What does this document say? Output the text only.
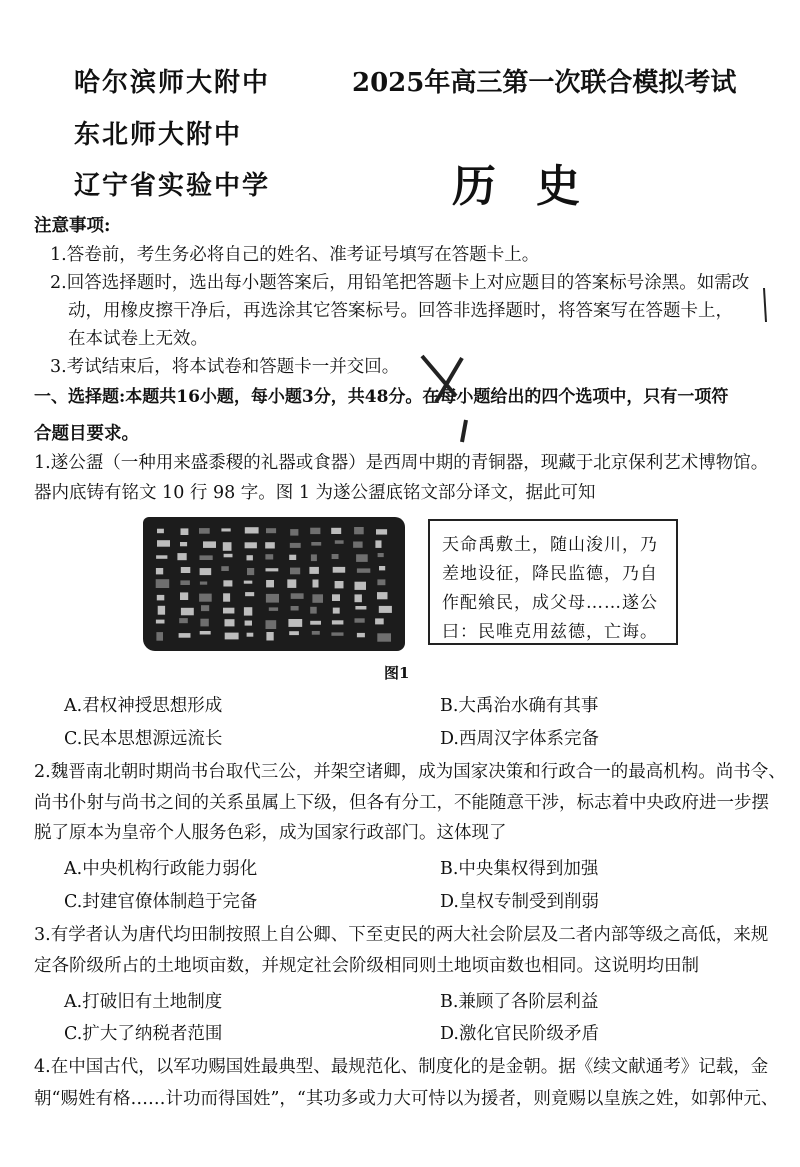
哈尔滨师大附中
东北师大附中
辽宁省实验中学
2025年高三第一次联合模拟考试
历史
注意事项:
1.答卷前，考生务必将自己的姓名、准考证号填写在答题卡上。
2.回答选择题时，选出每小题答案后，用铅笔把答题卡上对应题目的答案标号涂黑。如需改
动，用橡皮擦干净后，再选涂其它答案标号。回答非选择题时，将答案写在答题卡上，
在本试卷上无效。
3.考试结束后，将本试卷和答题卡一并交回。
一、选择题:本题共16小题，每小题3分，共48分。在每小题给出的四个选项中，只有一项符
合题目要求。
1.遂公盨（一种用来盛黍稷的礼器或食器）是西周中期的青铜器，现藏于北京保利艺术博物馆。
器内底铸有铭文 10 行 98 字。图 1 为遂公盨底铭文部分译文，据此可知
天命禹敷土，随山浚川，乃差地设征，降民监德，乃自作配飨民，成父母……遂公曰：民唯克用兹德，亡诲。
图1
A.君权神授思想形成	B.大禹治水确有其事
C.民本思想源远流长	D.西周汉字体系完备
2.魏晋南北朝时期尚书台取代三公，并架空诸卿，成为国家决策和行政合一的最高机构。尚书令、
尚书仆射与尚书之间的关系虽属上下级，但各有分工，不能随意干涉，标志着中央政府进一步摆
脱了原本为皇帝个人服务色彩，成为国家行政部门。这体现了
A.中央机构行政能力弱化	B.中央集权得到加强
C.封建官僚体制趋于完备	D.皇权专制受到削弱
3.有学者认为唐代均田制按照上自公卿、下至吏民的两大社会阶层及二者内部等级之高低，来规
定各阶级所占的土地顷亩数，并规定社会阶级相同则土地顷亩数也相同。这说明均田制
A.打破旧有土地制度	B.兼顾了各阶层利益
C.扩大了纳税者范围	D.激化官民阶级矛盾
4.在中国古代，以军功赐国姓最典型、最规范化、制度化的是金朝。据《续文献通考》记载，金
朝“赐姓有格……计功而得国姓”，“其功多或力大可恃以为援者，则竟赐以皇族之姓，如郭仲元、
